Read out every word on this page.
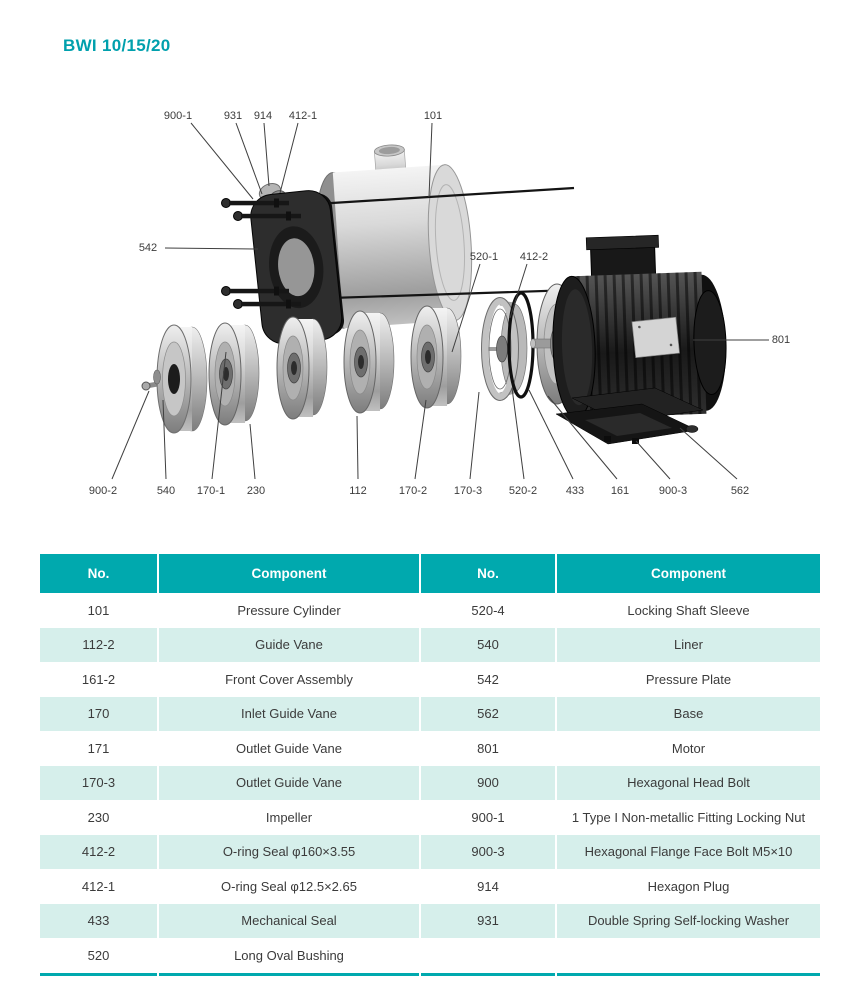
BWI 10/15/20
900-1	931 914 412-1	101
542
520-1 412-2
801
900-2	540 170-1 230	112	170-2 170-3 520-2	433 161	900-3	562
No.	Component	No.	Component
101	Pressure Cylinder	520-4	Locking Shaft Sleeve
112-2	Guide Vane	540	Liner
161-2	Front Cover Assembly	542	Pressure Plate
170	Inlet Guide Vane	562	Base
171	Outlet Guide Vane	801	Motor
170-3	Outlet Guide Vane	900	Hexagonal Head Bolt
230	Impeller	900-1	1 Type I Non-metallic Fitting Locking Nut
412-2	O-ring Seal φ160×3.55	900-3	Hexagonal Flange Face Bolt M5×10
412-1	O-ring Seal φ12.5×2.65	914	Hexagon Plug
433	Mechanical Seal	931	Double Spring Self-locking Washer
520	Long Oval Bushing
